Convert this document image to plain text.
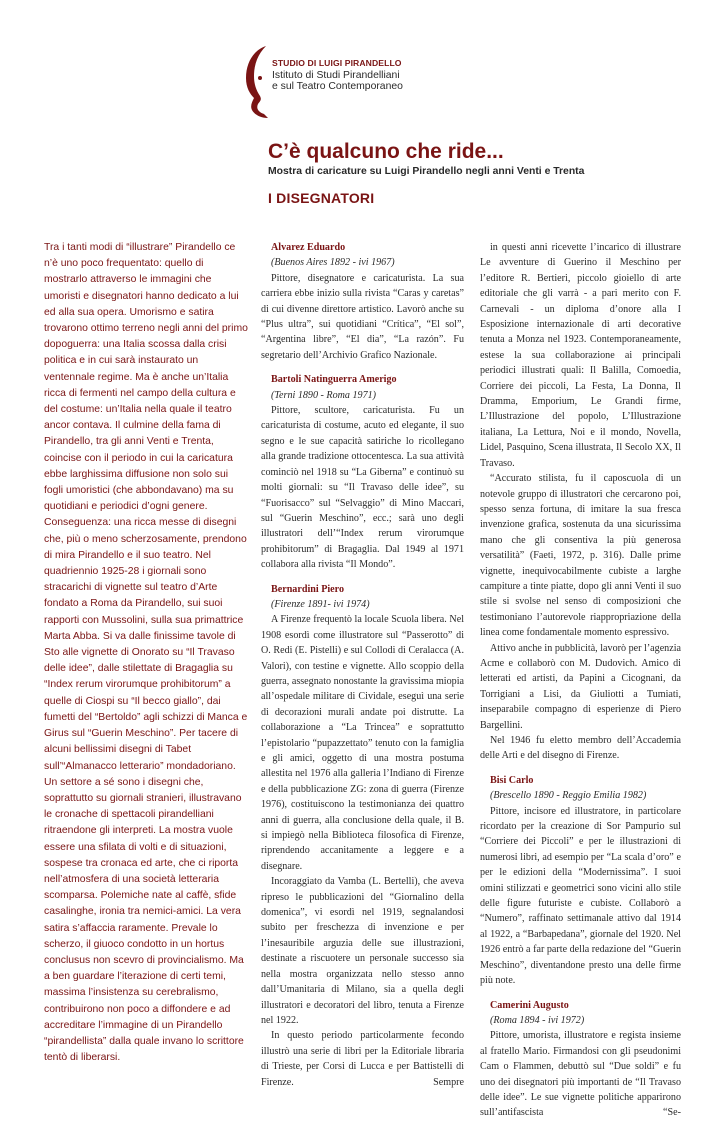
STUDIO DI LUIGI PIRANDELLO
Istituto di Studi Pirandelliani
e sul Teatro Contemporaneo
C’è qualcuno che ride...
Mostra di caricature su Luigi Pirandello negli anni Venti e Trenta
I DISEGNATORI

Tra i tanti modi di “illustrare” Pirandello ce n’è uno poco frequentato: quello di mostrarlo attraverso le immagini che umoristi e disegnatori hanno dedicato a lui ed alla sua opera. Umorismo e satira trovarono ottimo terreno negli anni del primo dopoguerra: una Italia scossa dalla crisi politica e in cui sarà instaurato un ventennale regime. Ma è anche un’Italia ricca di fermenti nel campo della cultura e del costume: un’Italia nella quale il teatro ancor contava. Il culmine della fama di Pirandello, tra gli anni Venti e Trenta, coincise con il periodo in cui la caricatura ebbe larghissima diffusione non solo sui fogli umoristici (che abbondavano) ma su quotidiani e periodici d’ogni genere. Conseguenza: una ricca messe di disegni che, più o meno scherzosamente, prendono di mira Pirandello e il suo teatro. Nel quadriennio 1925-28 i giornali sono stracarichi di vignette sul teatro d’Arte fondato a Roma da Pirandello, sui suoi rapporti con Mussolini, sulla sua primattrice Marta Abba. Si va dalle finissime tavole di Sto alle vignette di Onorato su “Il Travaso delle idee”, dalle stilettate di Bragaglia su “Index rerum virorumque prohibitorum” a quelle di Ciospi su “Il becco giallo”, dai fumetti del “Bertoldo” agli schizzi di Manca e Girus sul “Guerin Meschino”. Per tacere di alcuni bellissimi disegni di Tabet sull’“Almanacco letterario” mondadoriano. Un settore a sé sono i disegni che, soprattutto su giornali stranieri, illustravano le cronache di spettacoli pirandelliani ritraendone gli interpreti. La mostra vuole essere una sfilata di volti e di situazioni, sospese tra cronaca ed arte, che ci riporta nell’atmosfera di una società letteraria scomparsa. Polemiche nate al caffè, sfide casalinghe, ironia tra nemici-amici. La vera satira s’affaccia raramente. Prevale lo scherzo, il giuoco condotto in un hortus conclusus non scevro di provincialismo. Ma a ben guardare l’iterazione di certi temi, massima l’insistenza su cerebralismo, contribuirono non poco a diffondere e ad accreditare l’immagine di un Pirandello “pirandellista” dalla quale invano lo scrittore tentò di liberarsi.

Alvarez Eduardo
(Buenos Aires 1892 - ivi 1967)

Pittore, disegnatore e caricaturista. La sua carriera ebbe inizio sulla rivista “Caras y caretas” di cui divenne direttore artistico. Lavorò anche su “Plus ultra”, sui quotidiani “Crítica”, “El sol”, “Argentina libre”, “El dia”, “La razón”. Fu segretario dell’Archivio Grafico Nazionale.

Bartoli Natinguerra Amerigo
(Terni 1890 - Roma 1971)

Pittore, scultore, caricaturista. Fu un caricaturista di costume, acuto ed elegante, il suo segno e le sue capacità satiriche lo ricollegano alla grande tradizione ottocentesca. La sua attività cominciò nel 1918 su “La Giberna” e continuò su molti giornali: su “Il Travaso delle idee”, su “Fuorisacco” sul “Selvaggio” di Mino Maccari, sul “Guerin Meschino”, ecc.; sarà uno degli illustratori dell’“Index rerum virorumque prohibitorum” di Bragaglia. Dal 1949 al 1971 collabora alla rivista “Il Mondo”.

Bernardini Piero
(Firenze 1891- ivi 1974)

A Firenze frequentò la locale Scuola libera. Nel 1908 esordì come illustratore sul “Passerotto” di O. Redi (E. Pistelli) e sul Collodi di Ceralacca (A. Valori), con testine e vignette. Allo scoppio della guerra, assegnato nonostante la gravissima miopia all’ospedale militare di Cividale, eseguì una serie di decorazioni murali andate poi distrutte. La collaborazione a “La Trincea” e soprattutto l’epistolario “pupazzettato” tenuto con la famiglia e gli amici, oggetto di una mostra postuma allestita nel 1976 alla galleria l’Indiano di Firenze e della pubblicazione ZG: zona di guerra (Firenze 1976), costituiscono la testimonianza dei quattro anni di guerra, alla conclusione della quale, il B. si impiegò nella Biblioteca filosofica di Firenze, riprendendo accanitamente a leggere e a disegnare.

Incoraggiato da Vamba (L. Bertelli), che aveva ripreso le pubblicazioni del “Giornalino della domenica”, vi esordì nel 1919, segnalandosi subito per freschezza di invenzione e per l’inesauribile arguzia delle sue illustrazioni, destinate a riscuotere un personale successo sia nella mostra organizzata nello stesso anno dall’Umanitaria di Milano, sia a quella degli illustratori e decoratori del libro, tenuta a Firenze nel 1922.

In questo periodo particolarmente fecondo illustrò una serie di libri per la Editoriale libraria di Trieste, per Corsi di Lucca e per Battistelli di Firenze. Sempre

in questi anni ricevette l’incarico di illustrare Le avventure di Guerino il Meschino per l’editore R. Bertieri, piccolo gioiello di arte editoriale che gli varrà - a pari merito con F. Carnevali - un diploma d’onore alla I Esposizione internazionale di arti decorative tenuta a Monza nel 1923. Contemporaneamente, estese la sua collaborazione ai principali periodici illustrati quali: Il Balilla, Comoedia, Corriere dei piccoli, La Festa, La Donna, Il Dramma, Emporium, Le Grandi firme, L’Illustrazione del popolo, L’Illustrazione italiana, La Lettura, Noi e il mondo, Novella, Lidel, Pasquino, Scena illustrata, Il Secolo XX, Il Travaso.

“Accurato stilista, fu il caposcuola di un notevole gruppo di illustratori che cercarono poi, spesso senza fortuna, di imitare la sua fresca invenzione grafica, sostenuta da una sicurissima mano che gli consentiva la più generosa versatilità” (Faeti, 1972, p. 316). Dalle prime vignette, inequivocabilmente cubiste a larghe campiture a tinte piatte, dopo gli anni Venti il suo stile si svolse nel senso di composizioni che testimoniano l’autorevole riappropriazione della linea come fondamentale momento espressivo.

Attivo anche in pubblicità, lavorò per l’agenzia Acme e collaborò con M. Dudovich. Amico di letterati ed artisti, da Papini a Cicognani, da Torrigiani a Lisi, da Giuliotti a Tumiati, inseparabile compagno di esperienze di Piero Bargellini.

Nel 1946 fu eletto membro dell’Accademia delle Arti e del disegno di Firenze.

Bisi Carlo
(Brescello 1890 - Reggio Emilia 1982)

Pittore, incisore ed illustratore, in particolare ricordato per la creazione di Sor Pampurio sul “Corriere dei Piccoli” e per le illustrazioni di numerosi libri, ad esempio per “La scala d’oro” e per le edizioni della “Modernissima”. I suoi omini stilizzati e geometrici sono vicini allo stile delle figure futuriste e cubiste. Collaborò a “Numero”, raffinato settimanale attivo dal 1914 al 1922, a “Barbapedana”, giornale del 1920. Nel 1926 entrò a far parte della redazione del “Guerin Meschino”, diventandone presto una delle firme più note.

Camerini Augusto
(Roma 1894 - ivi 1972)

Pittore, umorista, illustratore e regista insieme al fratello Mario. Firmandosi con gli pseudonimi Cam o Flammen, debuttò sul “Due soldi” e fu uno dei disegnatori più importanti de “Il Travaso delle idee”. Le sue vignette politiche apparirono sull’antifascista “Se-
